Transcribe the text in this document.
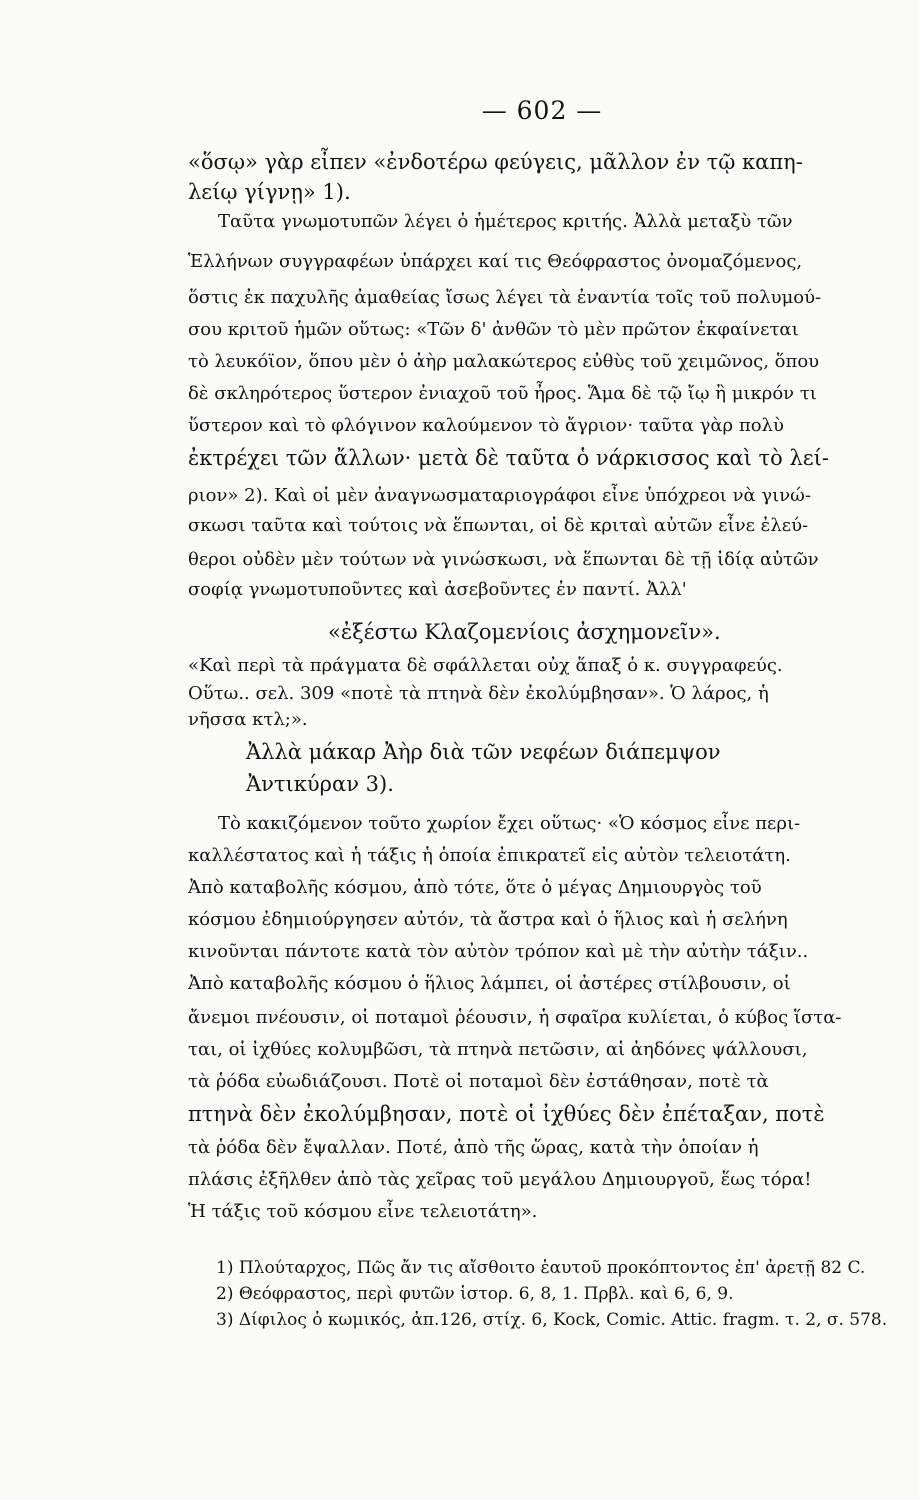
— 602 —
«ὅσῳ» γὰρ εἶπεν «ἐνδοτέρω φεύγεις, μᾶλλον ἐν τῷ καπη-
λείῳ γίγνῃ» 1).
Ταῦτα γνωμοτυπῶν λέγει ὁ ἡμέτερος κριτής. Ἀλλὰ μεταξὺ τῶν
Ἑλλήνων συγγραφέων ὑπάρχει καί τις Θεόφραστος ὀνομαζόμενος,
ὅστις ἐκ παχυλῆς ἀμαθείας ἴσως λέγει τὰ ἐναντία τοῖς τοῦ πολυμού-
σου κριτοῦ ἡμῶν οὕτως: «Τῶν δ' ἀνθῶν τὸ μὲν πρῶτον ἐκφαίνεται
τὸ λευκόϊον, ὅπου μὲν ὁ ἀὴρ μαλακώτερος εὐθὺς τοῦ χειμῶνος, ὅπου
δὲ σκληρότερος ὕστερον ἐνιαχοῦ τοῦ ἦρος. Ἅμα δὲ τῷ ἴῳ ἢ μικρόν τι
ὕστερον καὶ τὸ φλόγινον καλούμενον τὸ ἄγριον· ταῦτα γὰρ πολὺ
ἐκτρέχει τῶν ἄλλων· μετὰ δὲ ταῦτα ὁ νάρκισσος καὶ τὸ λεί-
ριον» 2). Καὶ οἱ μὲν ἀναγνωσματαριογράφοι εἶνε ὑπόχρεοι νὰ γινώ-
σκωσι ταῦτα καὶ τούτοις νὰ ἕπωνται, οἱ δὲ κριταὶ αὐτῶν εἶνε ἐλεύ-
θεροι οὐδὲν μὲν τούτων νὰ γινώσκωσι, νὰ ἕπωνται δὲ τῇ ἰδίᾳ αὐτῶν
σοφίᾳ γνωμοτυποῦντες καὶ ἀσεβοῦντες ἐν παντί. Ἀλλ'
«ἐξέστω Κλαζομενίοις ἀσχημονεῖν».
«Καὶ περὶ τὰ πράγματα δὲ σφάλλεται οὐχ ἅπαξ ὁ κ. συγγραφεύς.
Οὕτω.. σελ. 309 «ποτὲ τὰ πτηνὰ δὲν ἐκολύμβησαν». Ὁ λάρος, ἡ
νῆσσα κτλ;».
Ἀλλὰ μάκαρ Ἀὴρ διὰ τῶν νεφέων διάπεμψον
Ἀντικύραν 3).
Τὸ κακιζόμενον τοῦτο χωρίον ἔχει οὕτως· «Ὁ κόσμος εἶνε περι-
καλλέστατος καὶ ἡ τάξις ἡ ὁποία ἐπικρατεῖ εἰς αὐτὸν τελειοτάτη.
Ἀπὸ καταβολῆς κόσμου, ἀπὸ τότε, ὅτε ὁ μέγας Δημιουργὸς τοῦ
κόσμου ἐδημιούργησεν αὐτόν, τὰ ἄστρα καὶ ὁ ἥλιος καὶ ἡ σελήνη
κινοῦνται πάντοτε κατὰ τὸν αὐτὸν τρόπον καὶ μὲ τὴν αὐτὴν τάξιν..
Ἀπὸ καταβολῆς κόσμου ὁ ἥλιος λάμπει, οἱ ἀστέρες στίλβουσιν, οἱ
ἄνεμοι πνέουσιν, οἱ ποταμοὶ ῥέουσιν, ἡ σφαῖρα κυλίεται, ὁ κύβος ἵστα-
ται, οἱ ἰχθύες κολυμβῶσι, τὰ πτηνὰ πετῶσιν, αἱ ἀηδόνες ψάλλουσι,
τὰ ῥόδα εὐωδιάζουσι. Ποτὲ οἱ ποταμοὶ δὲν ἐστάθησαν, ποτὲ τὰ
πτηνὰ δὲν ἐκολύμβησαν, ποτὲ οἱ ἰχθύες δὲν ἐπέταξαν, ποτὲ
τὰ ῥόδα δὲν ἔψαλλαν. Ποτέ, ἀπὸ τῆς ὥρας, κατὰ τὴν ὁποίαν ἡ
πλάσις ἐξῆλθεν ἀπὸ τὰς χεῖρας τοῦ μεγάλου Δημιουργοῦ, ἕως τόρα!
Ἡ τάξις τοῦ κόσμου εἶνε τελειοτάτη».
1) Πλούταρχος, Πῶς ἄν τις αἴσθοιτο ἑαυτοῦ προκόπτοντος ἐπ' ἀρετῇ 82 C.
2) Θεόφραστος, περὶ φυτῶν ἱστορ. 6, 8, 1. Πρβλ. καὶ 6, 6, 9.
3) Δίφιλος ὁ κωμικός, ἀπ.126, στίχ. 6, Kock, Comic. Attic. fragm. τ. 2, σ. 578.
